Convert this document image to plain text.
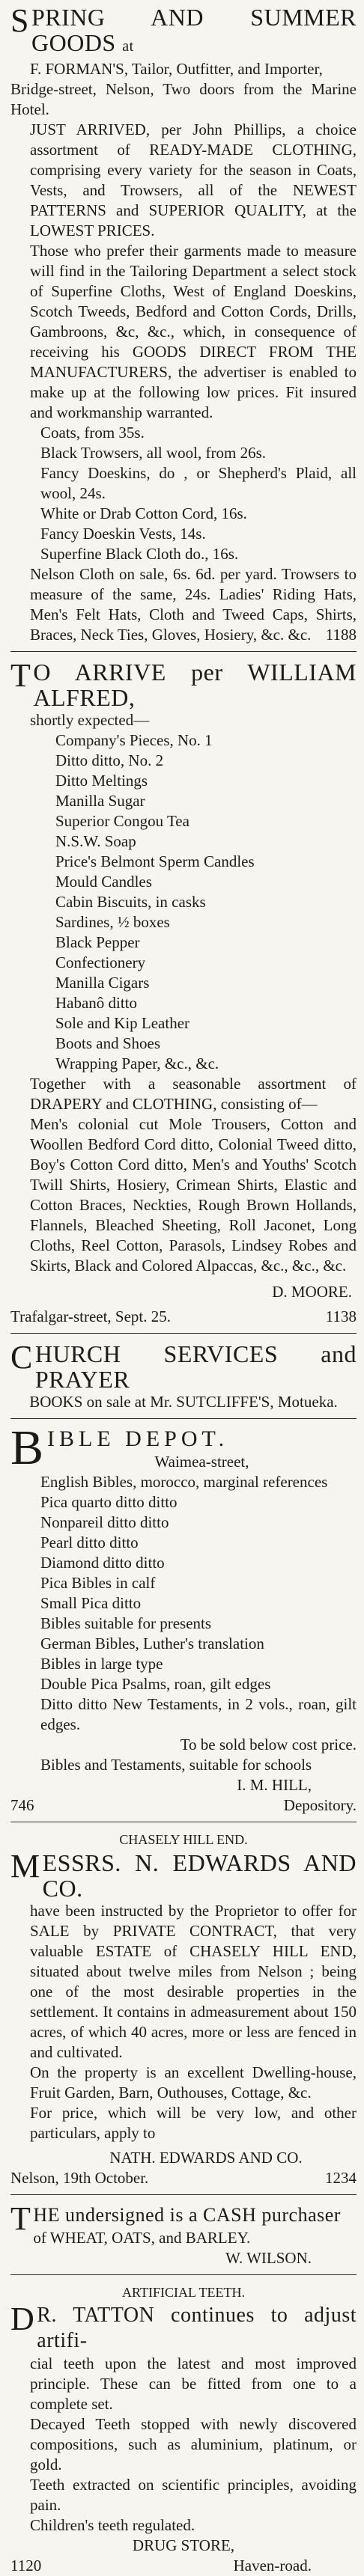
S PRING AND SUMMER GOODS at

F. FORMAN'S, Tailor, Outfitter, and Importer,

Bridge-street, Nelson, Two doors from the Marine Hotel.

JUST ARRIVED, per John Phillips, a choice assortment of READY-MADE CLOTHING, comprising every variety for the season in Coats, Vests, and Trowsers, all of the NEWEST PATTERNS and SUPERIOR QUALITY, at the LOWEST PRICES.

Those who prefer their garments made to measure will find in the Tailoring Department a select stock of Superfine Cloths, West of England Doeskins, Scotch Tweeds, Bedford and Cotton Cords, Drills, Gambroons, &c, &c., which, in consequence of receiving his GOODS DIRECT FROM THE MANUFACTURERS, the advertiser is enabled to make up at the following low prices. Fit insured and workmanship warranted.

Coats, from 35s.

Black Trowsers, all wool, from 26s.

Fancy Doeskins, do , or Shepherd's Plaid, all wool, 24s.

White or Drab Cotton Cord, 16s.

Fancy Doeskin Vests, 14s.

Superfine Black Cloth do., 16s.

Nelson Cloth on sale, 6s. 6d. per yard. Trowsers to measure of the same, 24s. Ladies' Riding Hats, Men's Felt Hats, Cloth and Tweed Caps, Shirts, Braces, Neck Ties, Gloves, Hosiery, &c. &c. 1188

T O ARRIVE per WILLIAM ALFRED,

shortly expected—

Company's Pieces, No. 1

Ditto ditto, No. 2

Ditto Meltings

Manilla Sugar

Superior Congou Tea

N.S.W. Soap

Price's Belmont Sperm Candles

Mould Candles

Cabin Biscuits, in casks

Sardines, ½ boxes

Black Pepper

Confectionery

Manilla Cigars

Habanô ditto

Sole and Kip Leather

Boots and Shoes

Wrapping Paper, &c., &c.

Together with a seasonable assortment of DRAPERY and CLOTHING, consisting of—

Men's colonial cut Mole Trousers, Cotton and Woollen Bedford Cord ditto, Colonial Tweed ditto, Boy's Cotton Cord ditto, Men's and Youths' Scotch Twill Shirts, Hosiery, Crimean Shirts, Elastic and Cotton Braces, Neckties, Rough Brown Hollands, Flannels, Bleached Sheeting, Roll Jaconet, Long Cloths, Reel Cotton, Parasols, Lindsey Robes and Skirts, Black and Colored Alpaccas, &c., &c., &c.

D. MOORE.

Trafalgar-street, Sept. 25.	1138
C HURCH SERVICES and PRAYER

BOOKS on sale at Mr. SUTCLIFFE'S, Motueka.

B IBLE DEPOT.

Waimea-street,

English Bibles, morocco, marginal references

Pica quarto ditto ditto

Nonpareil ditto ditto

Pearl ditto ditto

Diamond ditto ditto

Pica Bibles in calf

Small Pica ditto

Bibles suitable for presents

German Bibles, Luther's translation

Bibles in large type

Double Pica Psalms, roan, gilt edges

Ditto ditto New Testaments, in 2 vols., roan, gilt edges.

To be sold below cost price.

Bibles and Testaments, suitable for schools

I. M. HILL,

746	Depository.

CHASELY HILL END.

M ESSRS. N. EDWARDS AND CO.

have been instructed by the Proprietor to offer for SALE by PRIVATE CONTRACT, that very valuable ESTATE of CHASELY HILL END, situated about twelve miles from Nelson ; being one of the most desirable properties in the settlement. It contains in admeasurement about 150 acres, of which 40 acres, more or less are fenced in and cultivated.

On the property is an excellent Dwelling-house, Fruit Garden, Barn, Outhouses, Cottage, &c.

For price, which will be very low, and other particulars, apply to

NATH. EDWARDS AND CO.

Nelson, 19th October.	1234
THE undersigned is a CASH purchaser

of WHEAT, OATS, and BARLEY.

W. WILSON.

ARTIFICIAL TEETH.

D R. TATTON continues to adjust artifi-

cial teeth upon the latest and most improved principle. These can be fitted from one to a complete set.

Decayed Teeth stopped with newly discovered compositions, such as aluminium, platinum, or gold.

Teeth extracted on scientific principles, avoiding pain.

Children's teeth regulated.

DRUG STORE,

1120	Haven-road.
